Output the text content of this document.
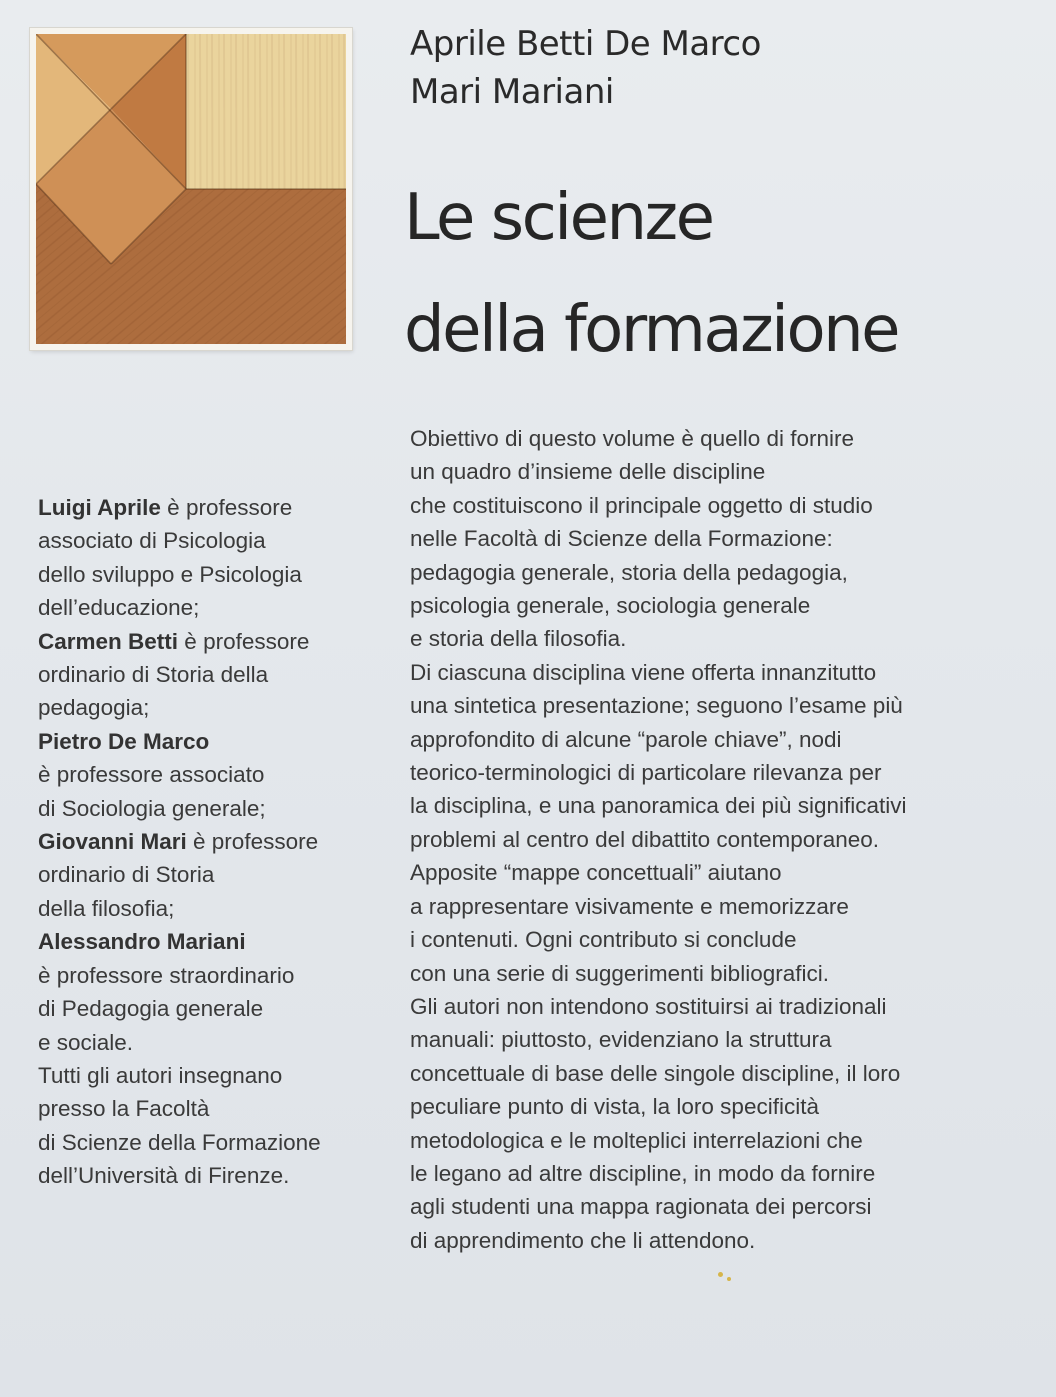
Aprile Betti De Marco
Mari Mariani
Le scienze
della formazione
Luigi Aprile è professore
associato di Psicologia
dello sviluppo e Psicologia
dell’educazione;
Carmen Betti è professore
ordinario di Storia della
pedagogia;
Pietro De Marco
è professore associato
di Sociologia generale;
Giovanni Mari è professore
ordinario di Storia
della filosofia;
Alessandro Mariani
è professore straordinario
di Pedagogia generale
e sociale.
Tutti gli autori insegnano
presso la Facoltà
di Scienze della Formazione
dell’Università di Firenze.
Obiettivo di questo volume è quello di fornire
un quadro d’insieme delle discipline
che costituiscono il principale oggetto di studio
nelle Facoltà di Scienze della Formazione:
pedagogia generale, storia della pedagogia,
psicologia generale, sociologia generale
e storia della filosofia.
Di ciascuna disciplina viene offerta innanzitutto
una sintetica presentazione; seguono l’esame più
approfondito di alcune “parole chiave”, nodi
teorico-terminologici di particolare rilevanza per
la disciplina, e una panoramica dei più significativi
problemi al centro del dibattito contemporaneo.
Apposite “mappe concettuali” aiutano
a rappresentare visivamente e memorizzare
i contenuti. Ogni contributo si conclude
con una serie di suggerimenti bibliografici.
Gli autori non intendono sostituirsi ai tradizionali
manuali: piuttosto, evidenziano la struttura
concettuale di base delle singole discipline, il loro
peculiare punto di vista, la loro specificità
metodologica e le molteplici interrelazioni che
le legano ad altre discipline, in modo da fornire
agli studenti una mappa ragionata dei percorsi
di apprendimento che li attendono.
